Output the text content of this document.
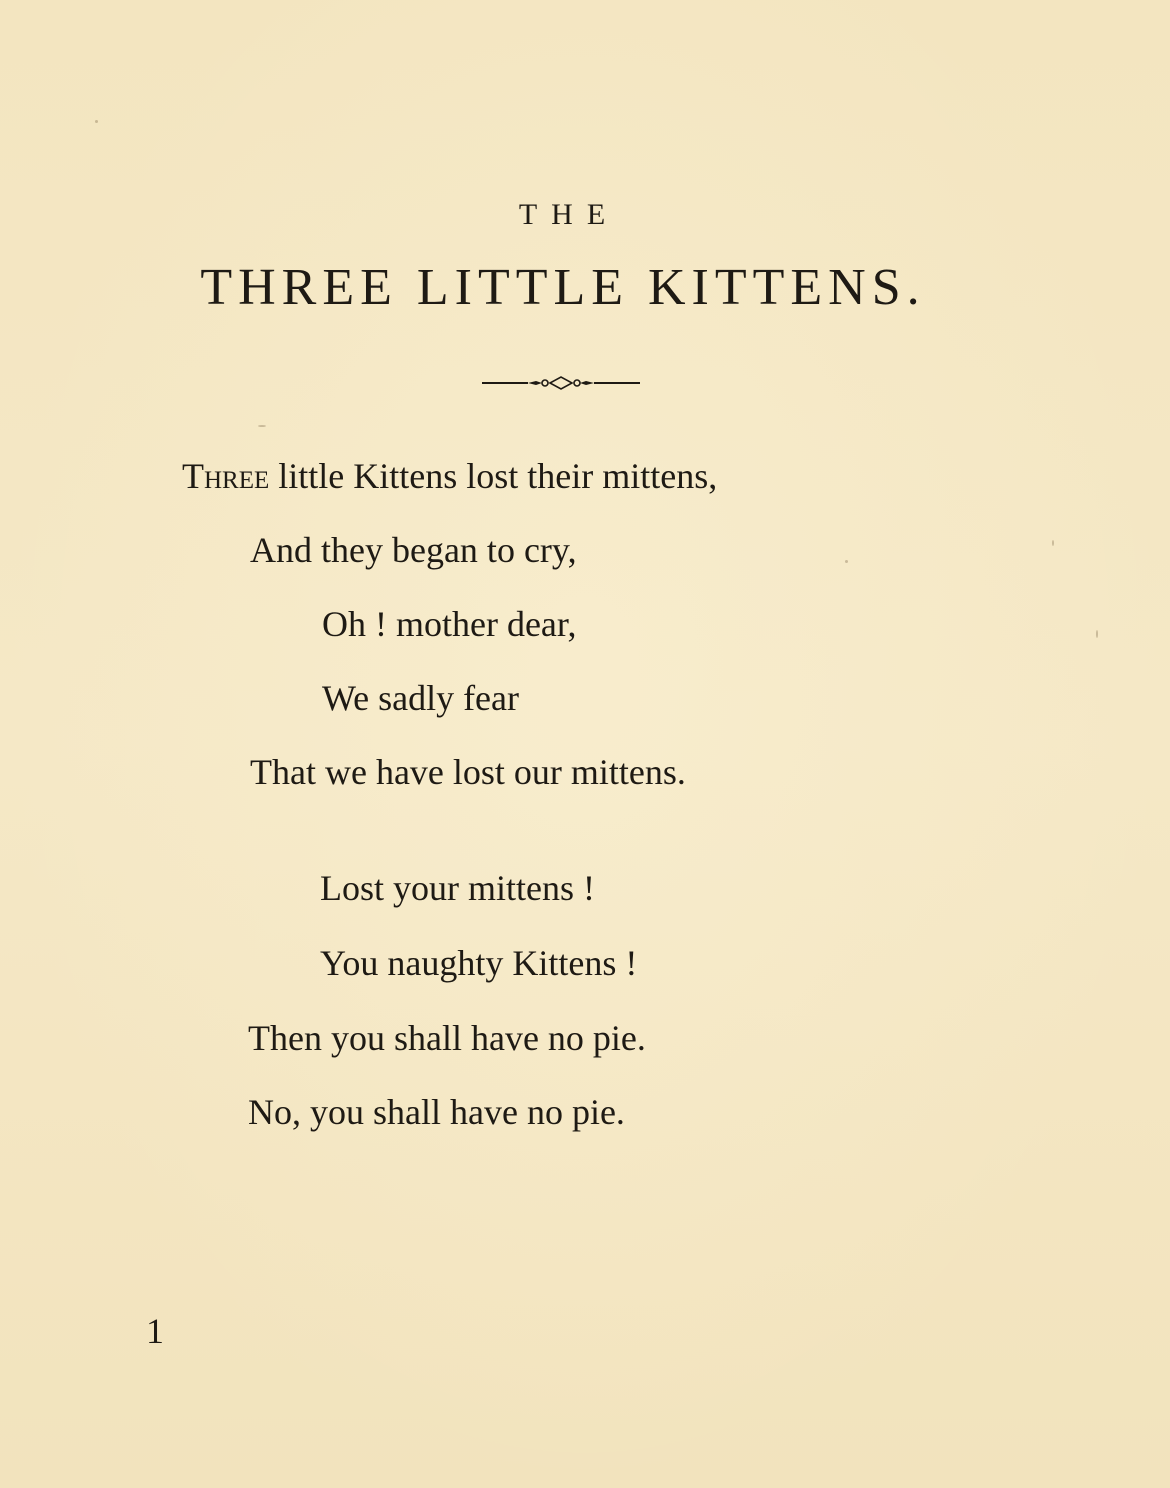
THE
THREE LITTLE KITTENS.

Three little Kittens lost their mittens,

And they began to cry,

Oh ! mother dear,

We sadly fear

That we have lost our mittens.

Lost your mittens !

You naughty Kittens !

Then you shall have no pie.

No, you shall have no pie.

1
